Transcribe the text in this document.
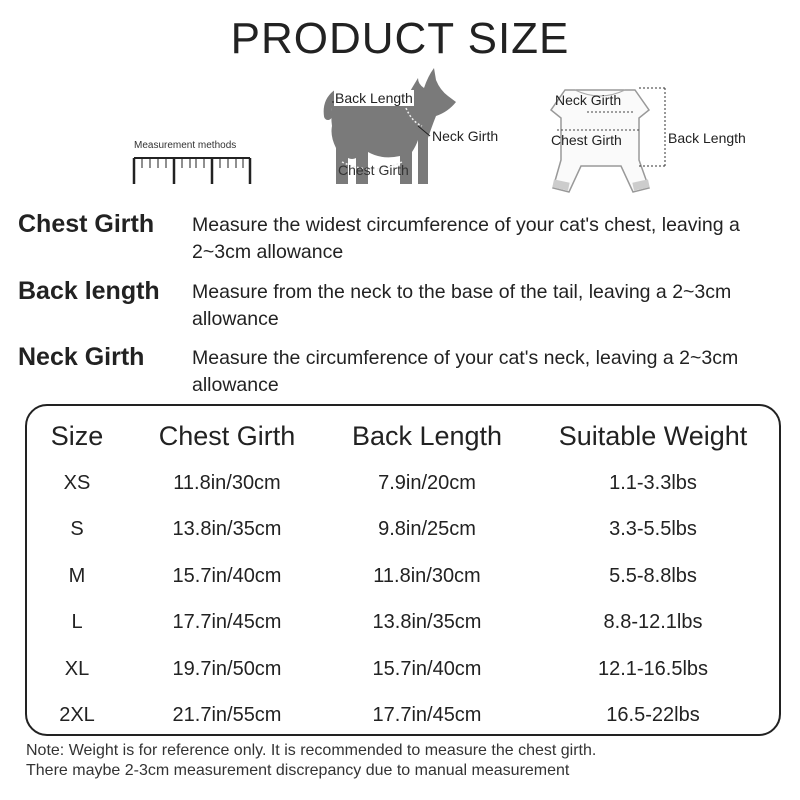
PRODUCT SIZE
Measurement methods
Back Length
Neck Girth
Chest Girth
Neck Girth
Chest Girth	Back Length
Chest Girth	Measure the widest circumference of your cat's chest, leaving a 2~3cm allowance
Back length	Measure from the neck to the base of the tail, leaving a 2~3cm allowance
Neck Girth	Measure the circumference of your cat's neck, leaving a 2~3cm allowance
Size	Chest Girth	Back Length	Suitable Weight
XS	11.8in/30cm	7.9in/20cm	1.1-3.3lbs
S	13.8in/35cm	9.8in/25cm	3.3-5.5lbs
M	15.7in/40cm	11.8in/30cm	5.5-8.8lbs
L	17.7in/45cm	13.8in/35cm	8.8-12.1lbs
XL	19.7in/50cm	15.7in/40cm	12.1-16.5lbs
2XL	21.7in/55cm	17.7in/45cm	16.5-22lbs
Note: Weight is for reference only. It is recommended to measure the chest girth.
There maybe 2-3cm measurement discrepancy due to manual measurement
